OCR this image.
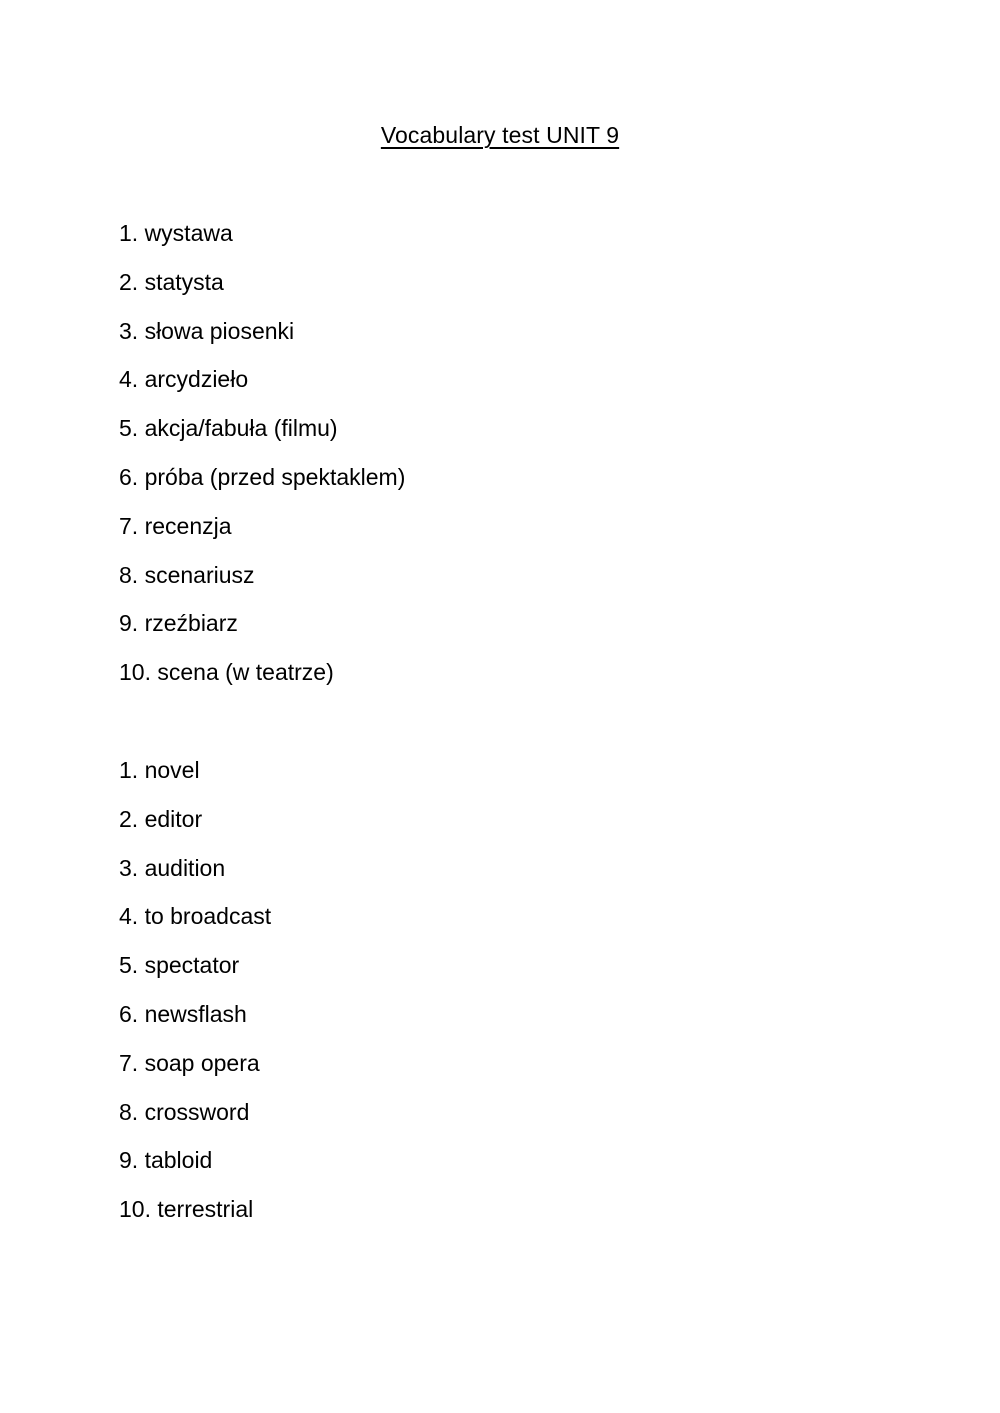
Vocabulary test UNIT 9
1. wystawa
2. statysta
3. słowa piosenki
4. arcydzieło
5. akcja/fabuła (filmu)
6. próba (przed spektaklem)
7. recenzja
8. scenariusz
9. rzeźbiarz
10. scena (w teatrze)
1. novel
2. editor
3. audition
4. to broadcast
5. spectator
6. newsflash
7. soap opera
8. crossword
9. tabloid
10. terrestrial
